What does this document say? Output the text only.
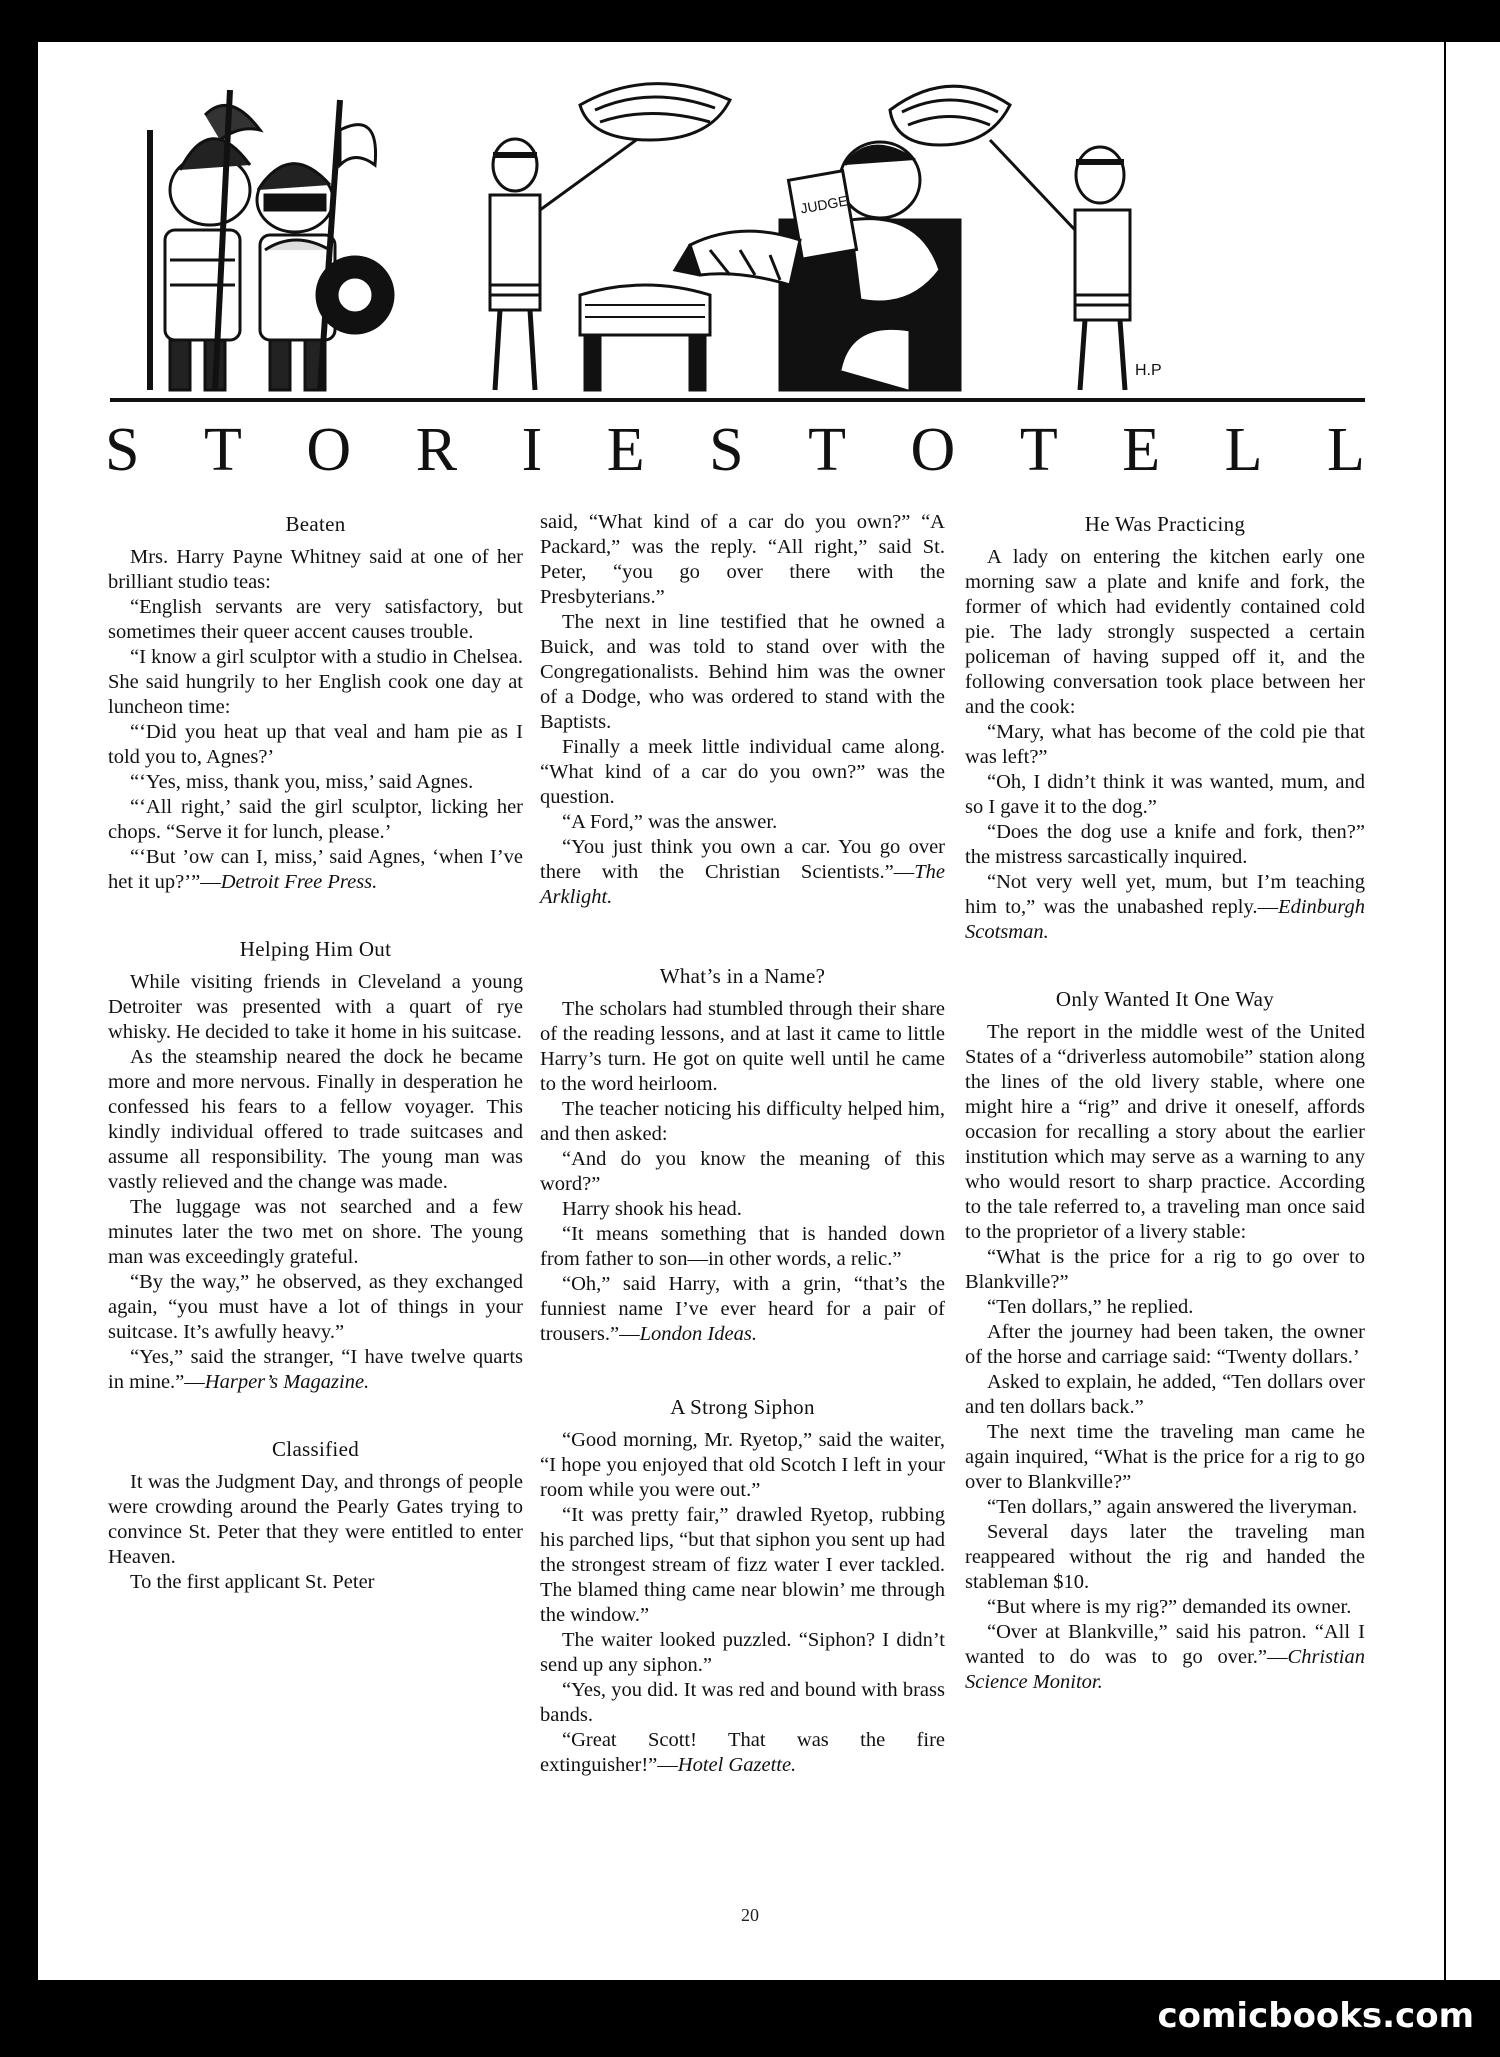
JUDGE
H.P
S T O R I E S T O T E L L
Beaten

Mrs. Harry Payne Whitney said at one of her brilliant studio teas:

“English servants are very satisfactory, but sometimes their queer accent causes trouble.

“I know a girl sculptor with a studio in Chelsea. She said hungrily to her English cook one day at luncheon time:

“‘Did you heat up that veal and ham pie as I told you to, Agnes?’

“‘Yes, miss, thank you, miss,’ said Agnes.

“‘All right,’ said the girl sculptor, licking her chops. “Serve it for lunch, please.’

“‘But ’ow can I, miss,’ said Agnes, ‘when I’ve het it up?’”—Detroit Free Press.

Helping Him Out

While visiting friends in Cleveland a young Detroiter was presented with a quart of rye whisky. He decided to take it home in his suitcase.

As the steamship neared the dock he became more and more nervous. Finally in desperation he confessed his fears to a fellow voyager. This kindly individual offered to trade suitcases and assume all responsibility. The young man was vastly relieved and the change was made.

The luggage was not searched and a few minutes later the two met on shore. The young man was exceedingly grateful.

“By the way,” he observed, as they exchanged again, “you must have a lot of things in your suitcase. It’s awfully heavy.”

“Yes,” said the stranger, “I have twelve quarts in mine.”—Harper’s Magazine.

Classified

It was the Judgment Day, and throngs of people were crowding around the Pearly Gates trying to convince St. Peter that they were entitled to enter Heaven.

To the first applicant St. Peter

said, “What kind of a car do you own?” “A Packard,” was the reply. “All right,” said St. Peter, “you go over there with the Presbyterians.”

The next in line testified that he owned a Buick, and was told to stand over with the Congregationalists. Behind him was the owner of a Dodge, who was ordered to stand with the Baptists.

Finally a meek little individual came along. “What kind of a car do you own?” was the question.

“A Ford,” was the answer.

“You just think you own a car. You go over there with the Christian Scientists.”—The Arklight.

What’s in a Name?

The scholars had stumbled through their share of the reading lessons, and at last it came to little Harry’s turn. He got on quite well until he came to the word heirloom.

The teacher noticing his difficulty helped him, and then asked:

“And do you know the meaning of this word?”

Harry shook his head.

“It means something that is handed down from father to son—in other words, a relic.”

“Oh,” said Harry, with a grin, “that’s the funniest name I’ve ever heard for a pair of trousers.”—London Ideas.

A Strong Siphon

“Good morning, Mr. Ryetop,” said the waiter, “I hope you enjoyed that old Scotch I left in your room while you were out.”

“It was pretty fair,” drawled Ryetop, rubbing his parched lips, “but that siphon you sent up had the strongest stream of fizz water I ever tackled. The blamed thing came near blowin’ me through the window.”

The waiter looked puzzled. “Siphon? I didn’t send up any siphon.”

“Yes, you did. It was red and bound with brass bands.

“Great Scott! That was the fire extinguisher!”—Hotel Gazette.

He Was Practicing

A lady on entering the kitchen early one morning saw a plate and knife and fork, the former of which had evidently contained cold pie. The lady strongly suspected a certain policeman of having supped off it, and the following conversation took place between her and the cook:

“Mary, what has become of the cold pie that was left?”

“Oh, I didn’t think it was wanted, mum, and so I gave it to the dog.”

“Does the dog use a knife and fork, then?” the mistress sarcastically inquired.

“Not very well yet, mum, but I’m teaching him to,” was the unabashed reply.—Edinburgh Scotsman.

Only Wanted It One Way

The report in the middle west of the United States of a “driverless automobile” station along the lines of the old livery stable, where one might hire a “rig” and drive it oneself, affords occasion for recalling a story about the earlier institution which may serve as a warning to any who would resort to sharp practice. According to the tale referred to, a traveling man once said to the proprietor of a livery stable:

“What is the price for a rig to go over to Blankville?”

“Ten dollars,” he replied.

After the journey had been taken, the owner of the horse and carriage said: “Twenty dollars.’

Asked to explain, he added, “Ten dollars over and ten dollars back.”

The next time the traveling man came he again inquired, “What is the price for a rig to go over to Blankville?”

“Ten dollars,” again answered the liveryman.

Several days later the traveling man reappeared without the rig and handed the stableman $10.

“But where is my rig?” demanded its owner.

“Over at Blankville,” said his patron. “All I wanted to do was to go over.”—Christian Science Monitor.

20
comicbooks.com
